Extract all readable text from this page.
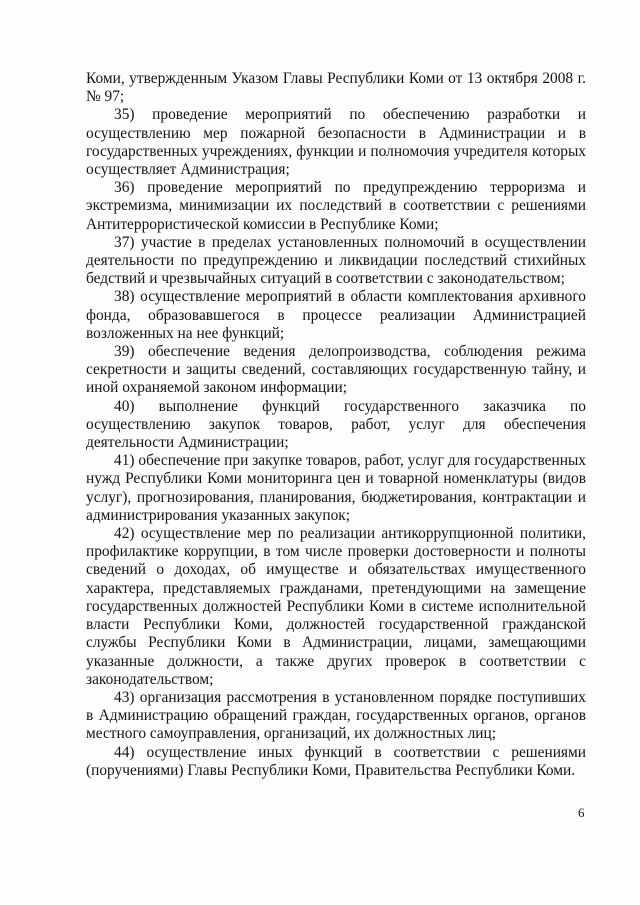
Коми, утвержденным Указом Главы Республики Коми от 13 октября 2008 г. № 97;

35) проведение мероприятий по обеспечению разработки и осуществлению мер пожарной безопасности в Администрации и в государственных учреждениях, функции и полномочия учредителя которых осуществляет Администрация;

36) проведение мероприятий по предупреждению терроризма и экстремизма, минимизации их последствий в соответствии с решениями Антитеррористической комиссии в Республике Коми;

37) участие в пределах установленных полномочий в осуществлении деятельности по предупреждению и ликвидации последствий стихийных бедствий и чрезвычайных ситуаций в соответствии с законодательством;

38) осуществление мероприятий в области комплектования архивного фонда, образовавшегося в процессе реализации Администрацией возложенных на нее функций;

39) обеспечение ведения делопроизводства, соблюдения режима секретности и защиты сведений, составляющих государственную тайну, и иной охраняемой законом информации;

40) выполнение функций государственного заказчика по осуществлению закупок товаров, работ, услуг для обеспечения деятельности Администрации;

41) обеспечение при закупке товаров, работ, услуг для государственных нужд Республики Коми мониторинга цен и товарной номенклатуры (видов услуг), прогнозирования, планирования, бюджетирования, контрактации и администрирования указанных закупок;

42) осуществление мер по реализации антикоррупционной политики, профилактике коррупции, в том числе проверки достоверности и полноты сведений о доходах, об имуществе и обязательствах имущественного характера, представляемых гражданами, претендующими на замещение государственных должностей Республики Коми в системе исполнительной власти Республики Коми, должностей государственной гражданской службы Республики Коми в Администрации, лицами, замещающими указанные должности, а также других проверок в соответствии с законодательством;

43) организация рассмотрения в установленном порядке поступивших в Администрацию обращений граждан, государственных органов, органов местного самоуправления, организаций, их должностных лиц;

44) осуществление иных функций в соответствии с решениями (поручениями) Главы Республики Коми, Правительства Республики Коми.

6
